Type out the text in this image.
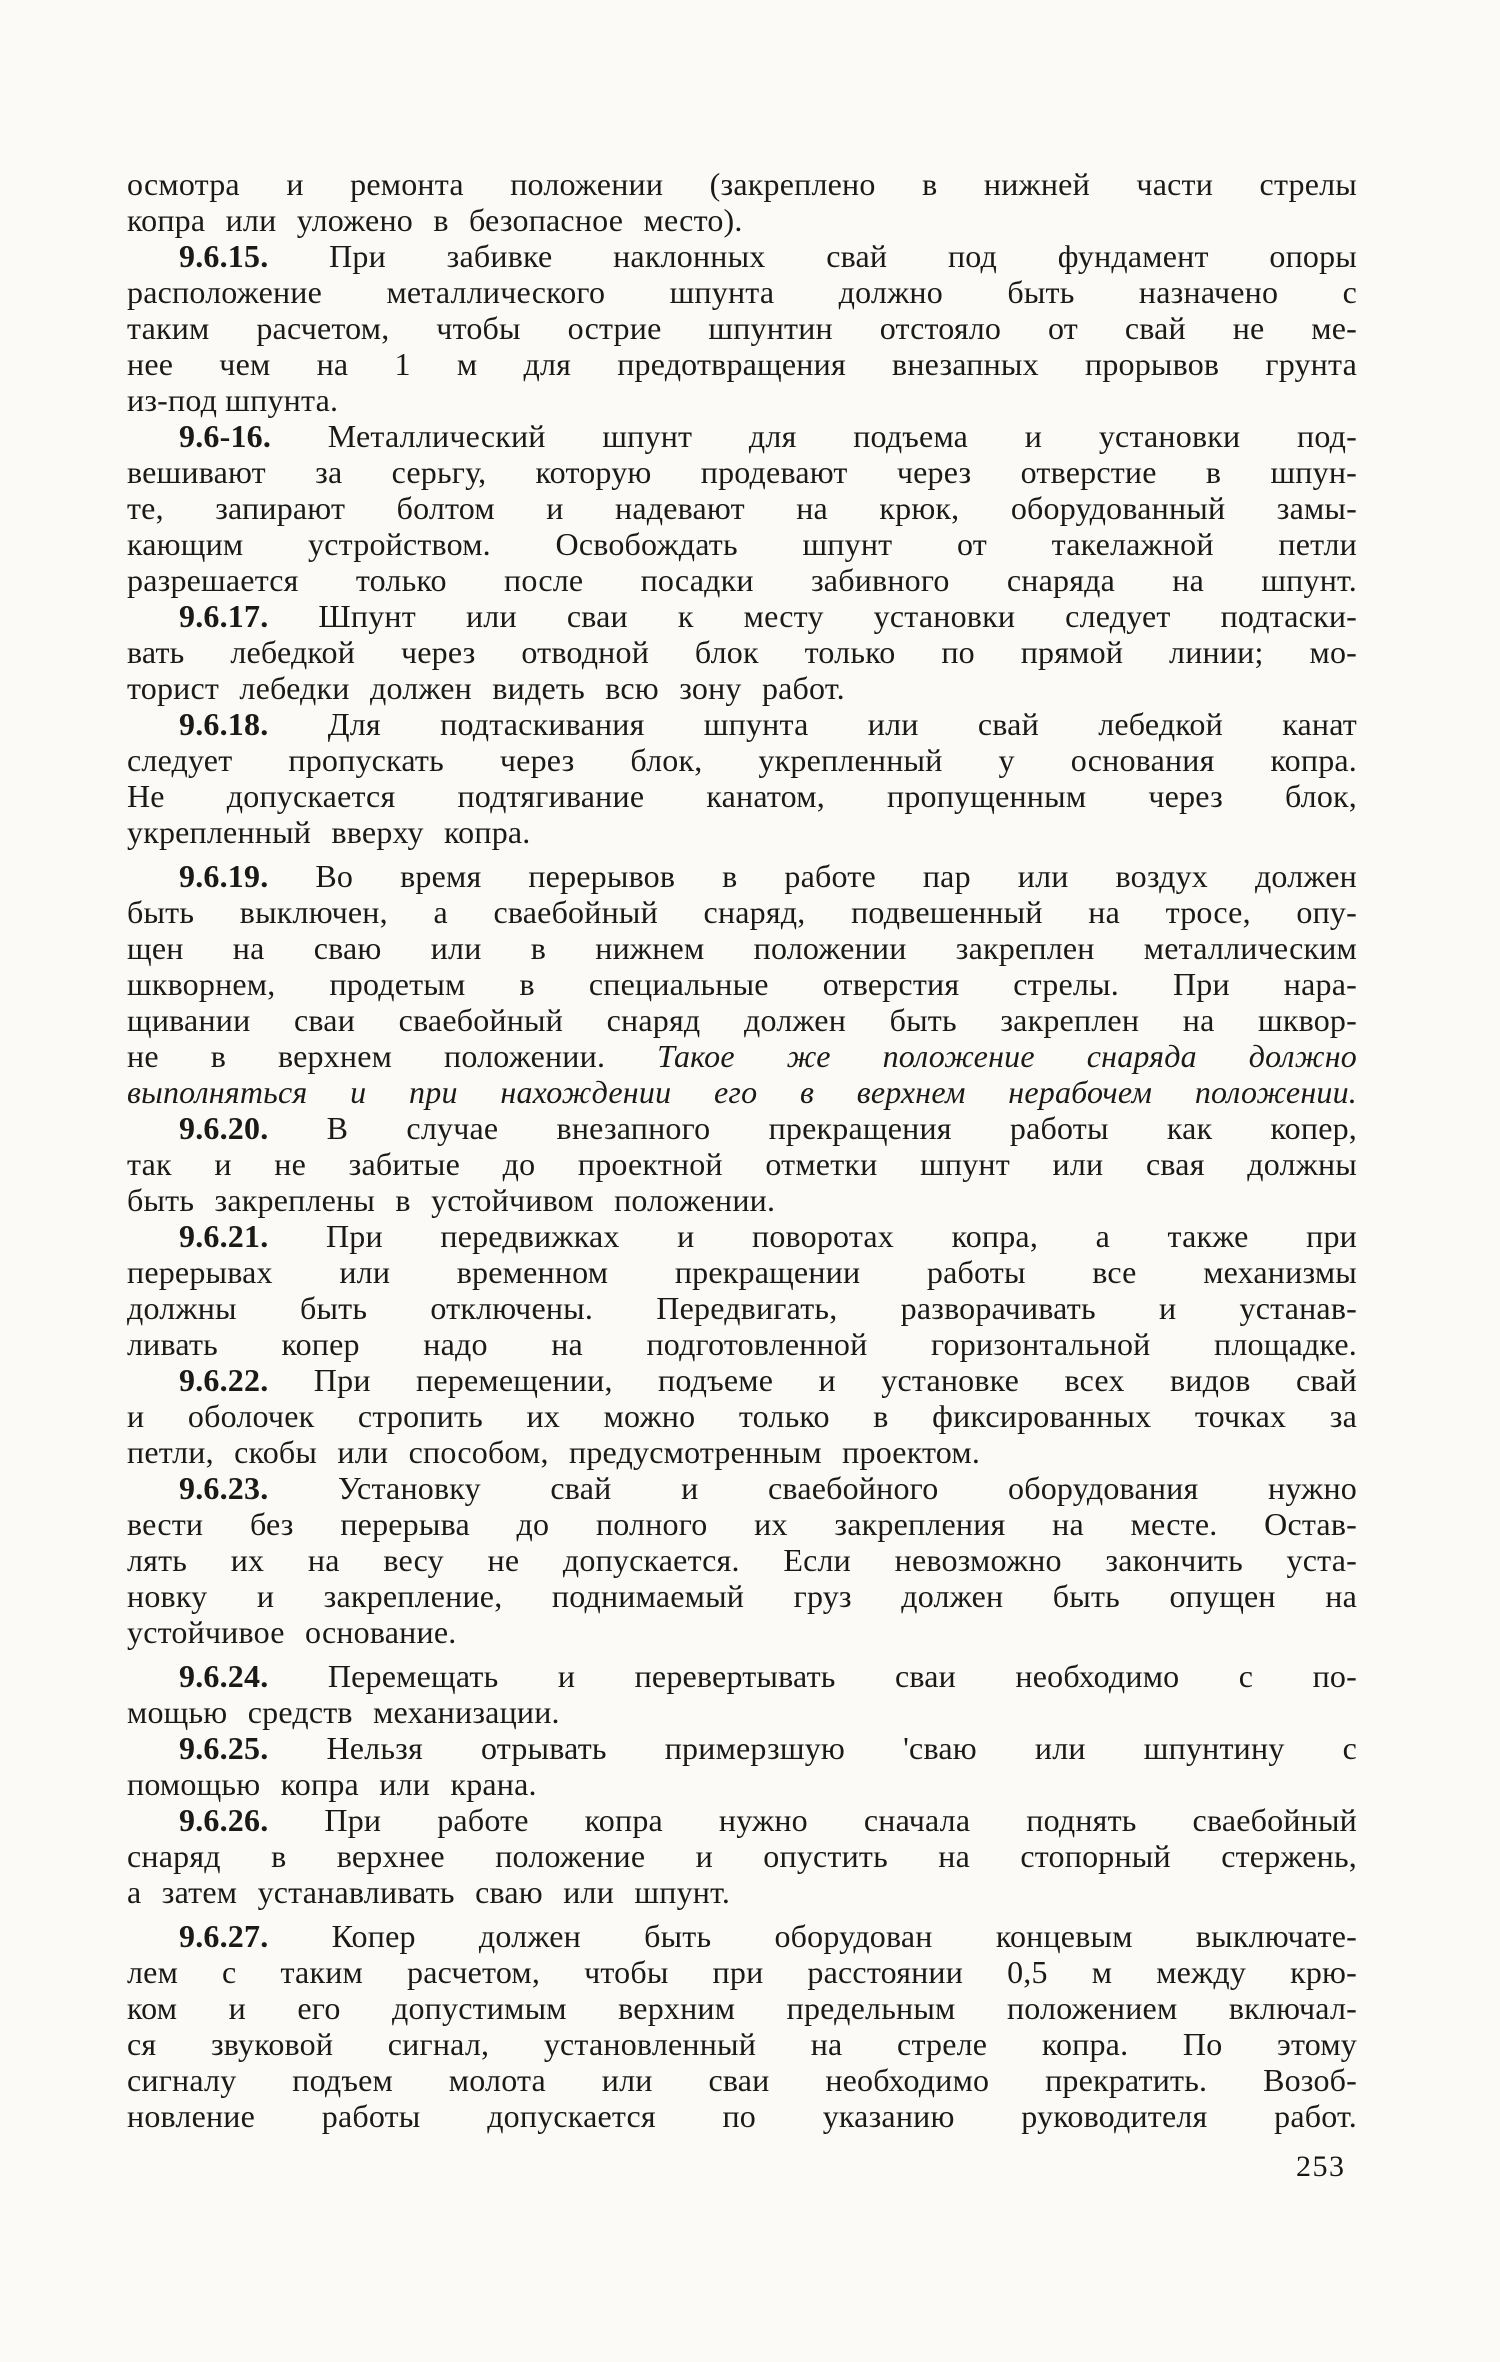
осмотра и ремонта положении (закреплено в нижней части стрелы
копра или уложено в безопасное место).
9.6.15. При забивке наклонных свай под фундамент опоры
расположение металлического шпунта должно быть назначено с
таким расчетом, чтобы острие шпунтин отстояло от свай не ме-
нее чем на 1 м для предотвращения внезапных прорывов грунта
из-под шпунта.
9.6-16. Металлический шпунт для подъема и установки под-
вешивают за серьгу, которую продевают через отверстие в шпун-
те, запирают болтом и надевают на крюк, оборудованный замы-
кающим устройством. Освобождать шпунт от такелажной петли
разрешается только после посадки забивного снаряда на шпунт.
9.6.17. Шпунт или сваи к месту установки следует подтаски-
вать лебедкой через отводной блок только по прямой линии; мо-
торист лебедки должен видеть всю зону работ.
9.6.18. Для подтаскивания шпунта или свай лебедкой канат
следует пропускать через блок, укрепленный у основания копра.
Не допускается подтягивание канатом, пропущенным через блок,
укрепленный вверху копра.
9.6.19. Во время перерывов в работе пар или воздух должен
быть выключен, а сваебойный снаряд, подвешенный на тросе, опу-
щен на сваю или в нижнем положении закреплен металлическим
шкворнем, продетым в специальные отверстия стрелы. При нара-
щивании сваи сваебойный снаряд должен быть закреплен на шквор-
не в верхнем положении. Такое же положение снаряда должно
выполняться и при нахождении его в верхнем нерабочем положении.
9.6.20. В случае внезапного прекращения работы как копер,
так и не забитые до проектной отметки шпунт или свая должны
быть закреплены в устойчивом положении.
9.6.21. При передвижках и поворотах копра, а также при
перерывах или временном прекращении работы все механизмы
должны быть отключены. Передвигать, разворачивать и устанав-
ливать копер надо на подготовленной горизонтальной площадке.
9.6.22. При перемещении, подъеме и установке всех видов свай
и оболочек стропить их можно только в фиксированных точках за
петли, скобы или способом, предусмотренным проектом.
9.6.23. Установку свай и сваебойного оборудования нужно
вести без перерыва до полного их закрепления на месте. Остав-
лять их на весу не допускается. Если невозможно закончить уста-
новку и закрепление, поднимаемый груз должен быть опущен на
устойчивое основание.
9.6.24. Перемещать и перевертывать сваи необходимо с по-
мощью средств механизации.
9.6.25. Нельзя отрывать примерзшую 'сваю или шпунтину с
помощью копра или крана.
9.6.26. При работе копра нужно сначала поднять сваебойный
снаряд в верхнее положение и опустить на стопорный стержень,
а затем устанавливать сваю или шпунт.
9.6.27. Копер должен быть оборудован концевым выключате-
лем с таким расчетом, чтобы при расстоянии 0,5 м между крю-
ком и его допустимым верхним предельным положением включал-
ся звуковой сигнал, установленный на стреле копра. По этому
сигналу подъем молота или сваи необходимо прекратить. Возоб-
новление работы допускается по указанию руководителя работ.
253
